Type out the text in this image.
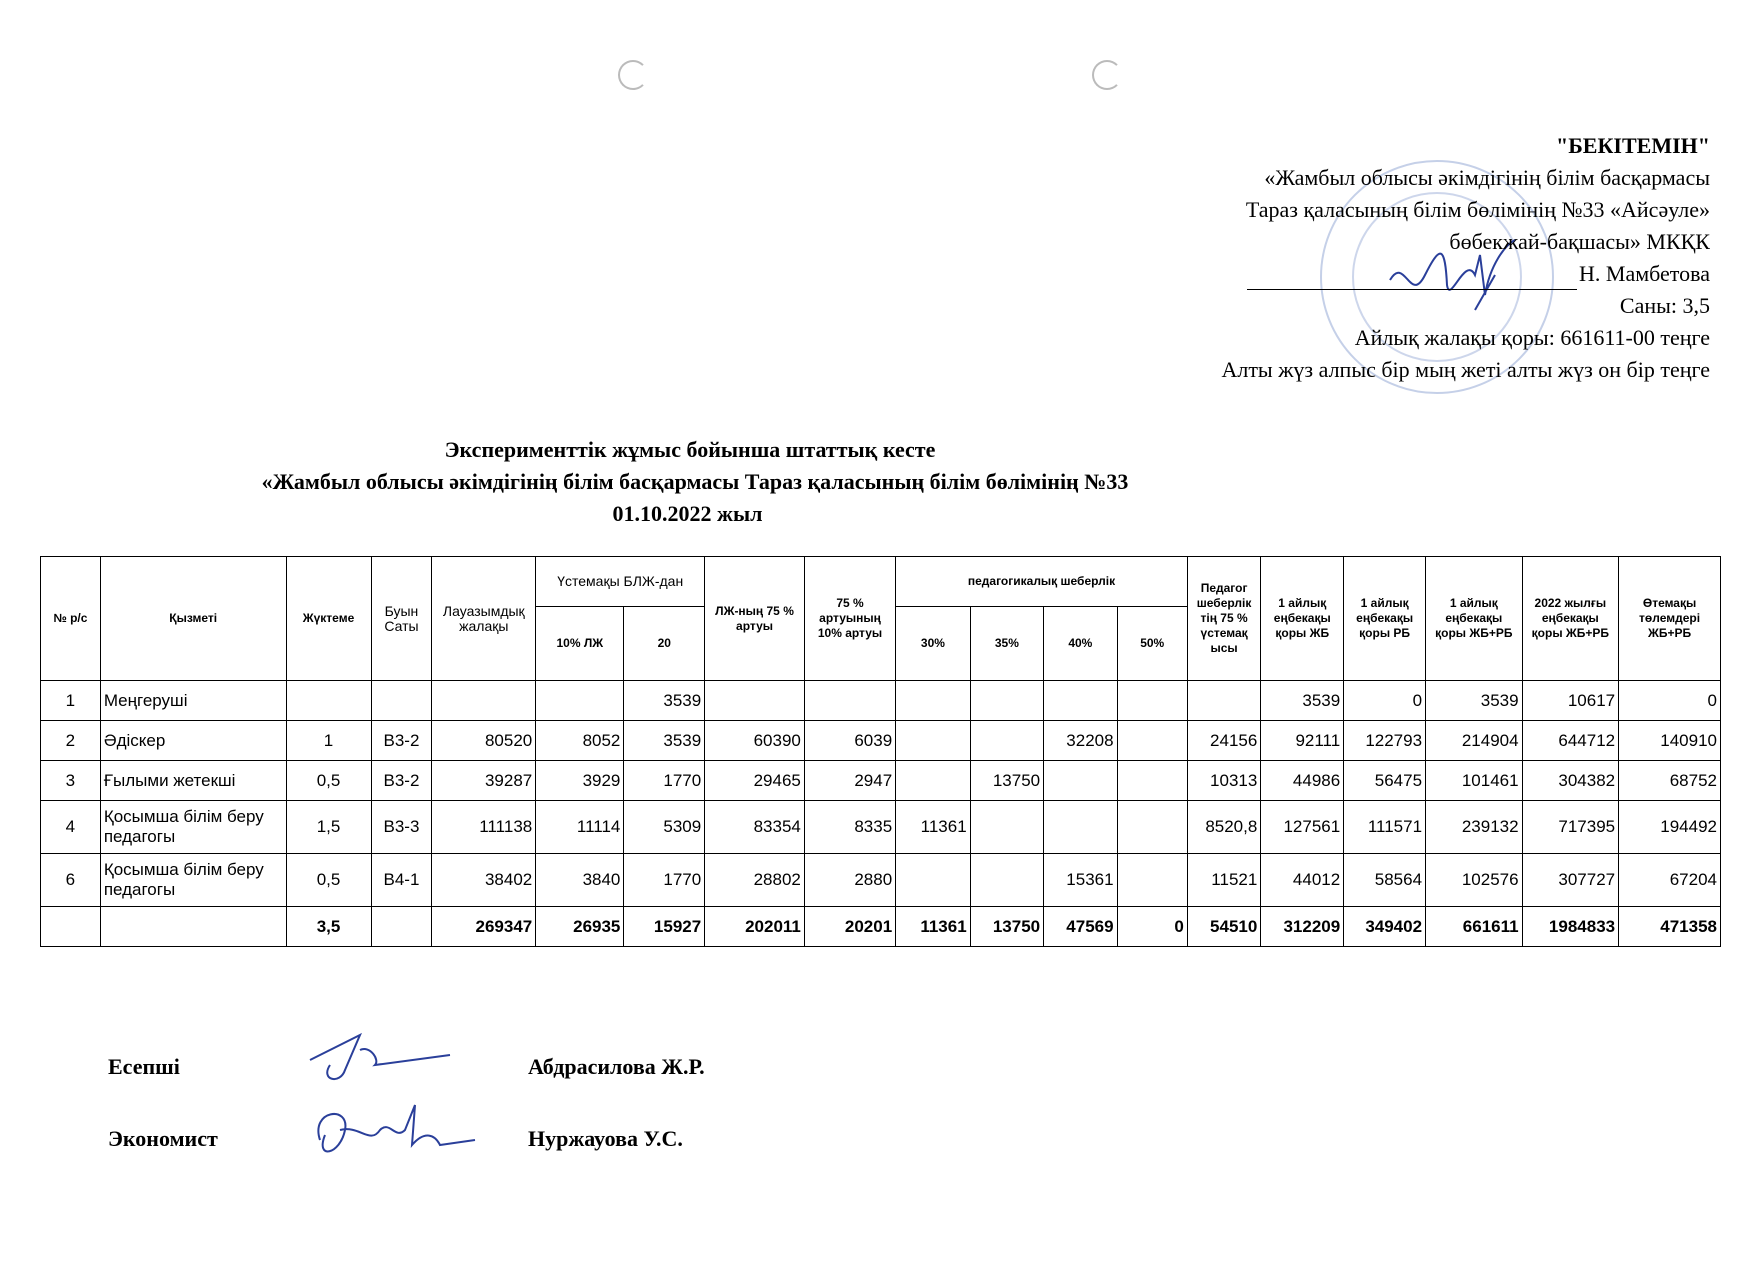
"БЕКІТЕМІН"
«Жамбыл облысы әкімдігінің білім басқармасы
Тараз қаласының білім бөлімінің №33 «Айсәуле»
бөбекжай-бақшасы» МКҚК
Н. Мамбетова
Саны: 3,5
Айлық жалақы қоры: 661611-00 теңге
Алты жүз алпыс бір мың жеті алты жүз он бір теңге
Эксперименттік жұмыс бойынша штаттық кесте
«Жамбыл облысы әкімдігінің білім басқармасы Тараз қаласының білім бөлімінің №33
01.10.2022 жыл
№ р/с	Қызметі	Жүктеме	Буын Саты	Лауазымдық жалақы	Үстемақы БЛЖ-дан		ЛЖ-ның 75 % артуы	75 % артуының 10% артуы	педагогикалық шеберлік				Педагог шеберлік тің 75 % үстемақ ысы	1 айлық еңбекақы қоры ЖБ	1 айлық еңбекақы қоры РБ	1 айлық еңбекақы қоры ЖБ+РБ	2022 жылғы еңбекақы қоры ЖБ+РБ	Өтемақы төлемдері ЖБ+РБ
					10% ЛЖ	20			30%	35%	40%	50%						
1	Меңгеруші					3539								3539	0	3539	10617	0
2	Әдіскер	1	В3-2	80520	8052	3539	60390	6039			32208		24156	92111	122793	214904	644712	140910
3	Ғылыми жетекші	0,5	В3-2	39287	3929	1770	29465	2947		13750			10313	44986	56475	101461	304382	68752
4	Қосымша білім беру педагогы	1,5	В3-3	111138	11114	5309	83354	8335	11361				8520,8	127561	111571	239132	717395	194492
6	Қосымша білім беру педагогы	0,5	В4-1	38402	3840	1770	28802	2880			15361		11521	44012	58564	102576	307727	67204
		3,5		269347	26935	15927	202011	20201	11361	13750	47569	0	54510	312209	349402	661611	1984833	471358
Есепші	Абдрасилова Ж.Р.
Экономист	Нуржауова У.С.
